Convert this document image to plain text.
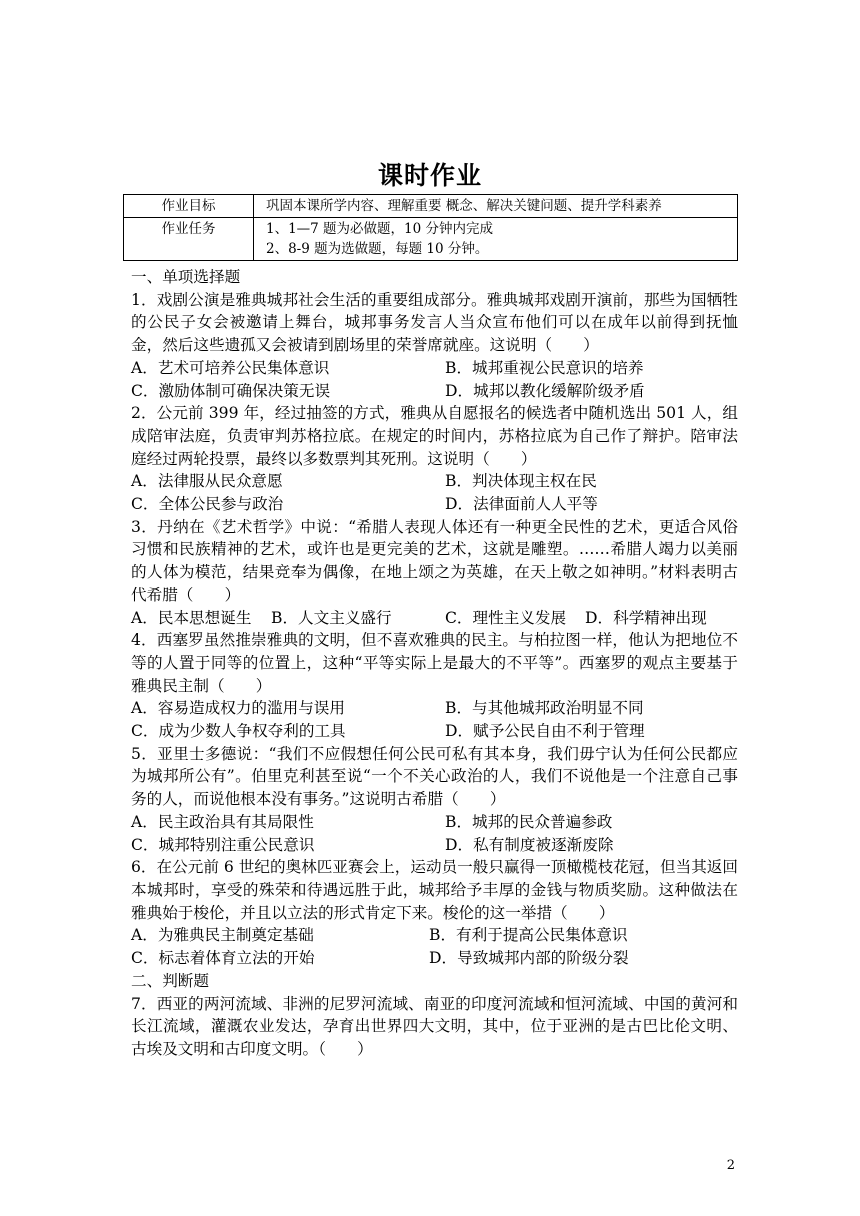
课时作业
作业目标	巩固本课所学内容、理解重要 概念、解决关键问题、提升学科素养
作业任务	1、1—7 题为必做题，10 分钟内完成
2、8-9 题为选做题，每题 10 分钟。

一、单项选择题

1．戏剧公演是雅典城邦社会生活的重要组成部分。雅典城邦戏剧开演前，那些为国牺牲的公民子女会被邀请上舞台，城邦事务发言人当众宣布他们可以在成年以前得到抚恤金，然后这些遗孤又会被请到剧场里的荣誉席就座。这说明（　　）

A．艺术可培养公民集体意识	B．城邦重视公民意识的培养
C．激励体制可确保决策无误	D．城邦以教化缓解阶级矛盾

2．公元前 399 年，经过抽签的方式，雅典从自愿报名的候选者中随机选出 501 人，组成陪审法庭，负责审判苏格拉底。在规定的时间内，苏格拉底为自己作了辩护。陪审法庭经过两轮投票，最终以多数票判其死刑。这说明（　　）

A．法律服从民众意愿	B．判决体现主权在民
C．全体公民参与政治	D．法律面前人人平等

3．丹纳在《艺术哲学》中说：“希腊人表现人体还有一种更全民性的艺术，更适合风俗习惯和民族精神的艺术，或许也是更完美的艺术，这就是雕塑。……希腊人竭力以美丽的人体为模范，结果竞奉为偶像，在地上颂之为英雄，在天上敬之如神明。”材料表明古代希腊（　　）

A．民本思想诞生	B．人文主义盛行	C．理性主义发展	D．科学精神出现

4．西塞罗虽然推崇雅典的文明，但不喜欢雅典的民主。与柏拉图一样，他认为把地位不等的人置于同等的位置上，这种“平等实际上是最大的不平等”。西塞罗的观点主要基于雅典民主制（　　）

A．容易造成权力的滥用与误用	B．与其他城邦政治明显不同
C．成为少数人争权夺利的工具	D．赋予公民自由不利于管理

5．亚里士多德说：“我们不应假想任何公民可私有其本身，我们毋宁认为任何公民都应为城邦所公有”。伯里克利甚至说“一个不关心政治的人，我们不说他是一个注意自己事务的人，而说他根本没有事务。”这说明古希腊（　　）

A．民主政治具有其局限性	B．城邦的民众普遍参政
C．城邦特别注重公民意识	D．私有制度被逐渐废除

6．在公元前 6 世纪的奥林匹亚赛会上，运动员一般只赢得一顶橄榄枝花冠，但当其返回本城邦时，享受的殊荣和待遇远胜于此，城邦给予丰厚的金钱与物质奖励。这种做法在雅典始于梭伦，并且以立法的形式肯定下来。梭伦的这一举措（　　）

A．为雅典民主制奠定基础	B．有利于提高公民集体意识
C．标志着体育立法的开始	D．导致城邦内部的阶级分裂

二、判断题

7．西亚的两河流域、非洲的尼罗河流域、南亚的印度河流域和恒河流域、中国的黄河和长江流域，灌溉农业发达，孕育出世界四大文明，其中，位于亚洲的是古巴比伦文明、古埃及文明和古印度文明。（　　）

2
